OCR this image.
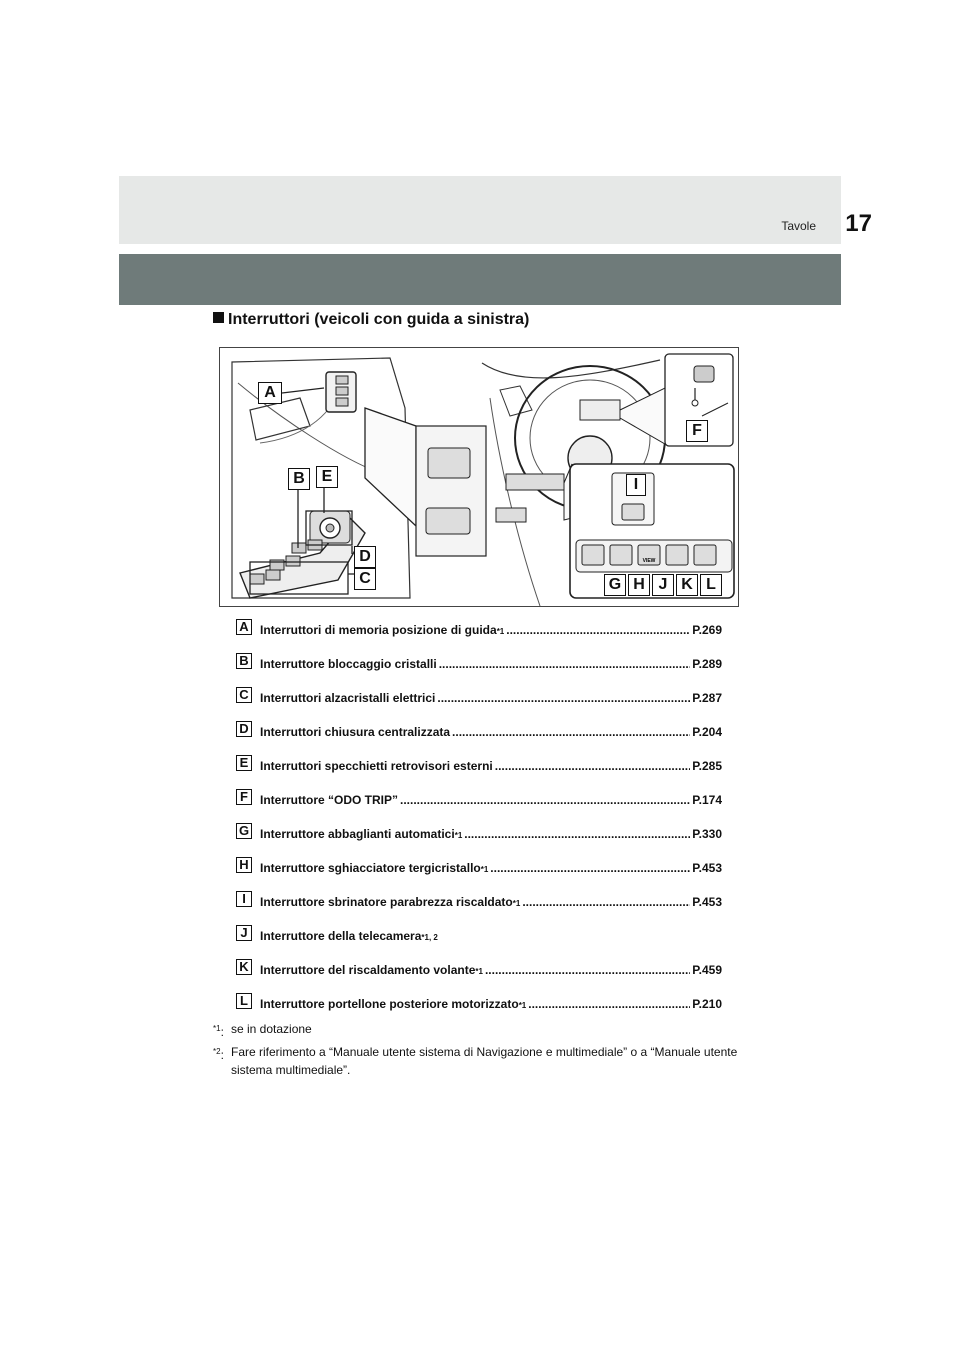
Tavole 17
Interruttori (veicoli con guida a sinistra)
VIEW
A
B	E
D
C
F
I
G H J K L
A Interruttori di memoria posizione di guida *1 .....	P.269
B Interruttore bloccaggio cristalli .....	P.289
C Interruttori alzacristalli elettrici .....	P.287
D Interruttori chiusura centralizzata .....	P.204
E Interruttori specchietti retrovisori esterni .....	P.285
F	Interruttore “ODO TRIP” .....	P.174
G Interruttore abbaglianti automatici *1 .....	P.330
H Interruttore sghiacciatore tergicristallo *1 .....	P.453
I	Interruttore sbrinatore parabrezza riscaldato *1 .....	P.453
J	Interruttore della telecamera *1, 2
K Interruttore del riscaldamento volante *1 .....	P.459
L	Interruttore portellone posteriore motorizzato *1 .....	P.210
$^{*1}$: se in dotazione
$^{*2}$: Fare riferimento a “Manuale utente sistema di Navigazione e multimediale” o a “Manuale utente sistema multimediale”.
